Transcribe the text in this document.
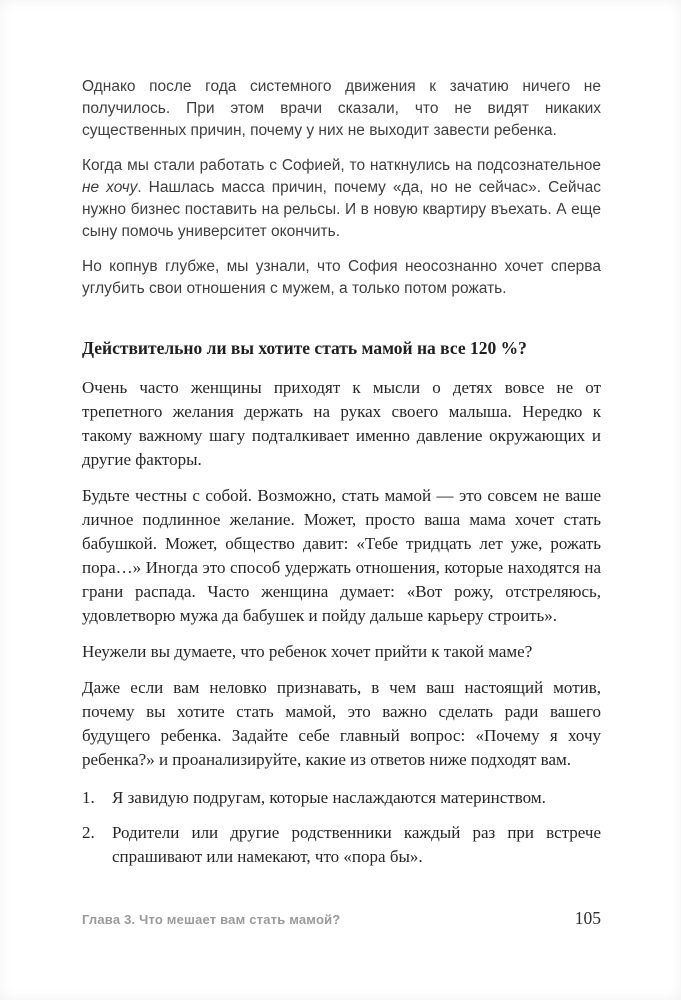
Однако после года системного движения к зачатию ничего не получилось. При этом врачи сказали, что не видят никаких существенных причин, почему у них не выходит завести ребенка.

Когда мы стали работать с Софией, то наткнулись на подсознательное не хочу. Нашлась масса причин, почему «да, но не сейчас». Сейчас нужно бизнес поставить на рельсы. И в новую квартиру въехать. А еще сыну помочь университет окончить.

Но копнув глубже, мы узнали, что София неосознанно хочет сперва углубить свои отношения с мужем, а только потом рожать.

Действительно ли вы хотите стать мамой на все 120 %?

Очень часто женщины приходят к мысли о детях вовсе не от трепетного желания держать на руках своего малыша. Нередко к такому важному шагу подталкивает именно давление окружающих и другие факторы.

Будьте честны с собой. Возможно, стать мамой — это совсем не ваше личное подлинное желание. Может, просто ваша мама хочет стать бабушкой. Может, общество давит: «Тебе тридцать лет уже, рожать пора…» Иногда это способ удержать отношения, которые находятся на грани распада. Часто женщина думает: «Вот рожу, отстреляюсь, удовлетворю мужа да бабушек и пойду дальше карьеру строить».

Неужели вы думаете, что ребенок хочет прийти к такой маме?

Даже если вам неловко признавать, в чем ваш настоящий мотив, почему вы хотите стать мамой, это важно сделать ради вашего будущего ребенка. Задайте себе главный вопрос: «Почему я хочу ребенка?» и проанализируйте, какие из ответов ниже подходят вам.

1.	Я завидую подругам, которые наслаждаются материнством.
2.	Родители или другие родственники каждый раз при встрече спрашивают или намекают, что «пора бы».
Глава 3. Что мешает вам стать мамой?	105
